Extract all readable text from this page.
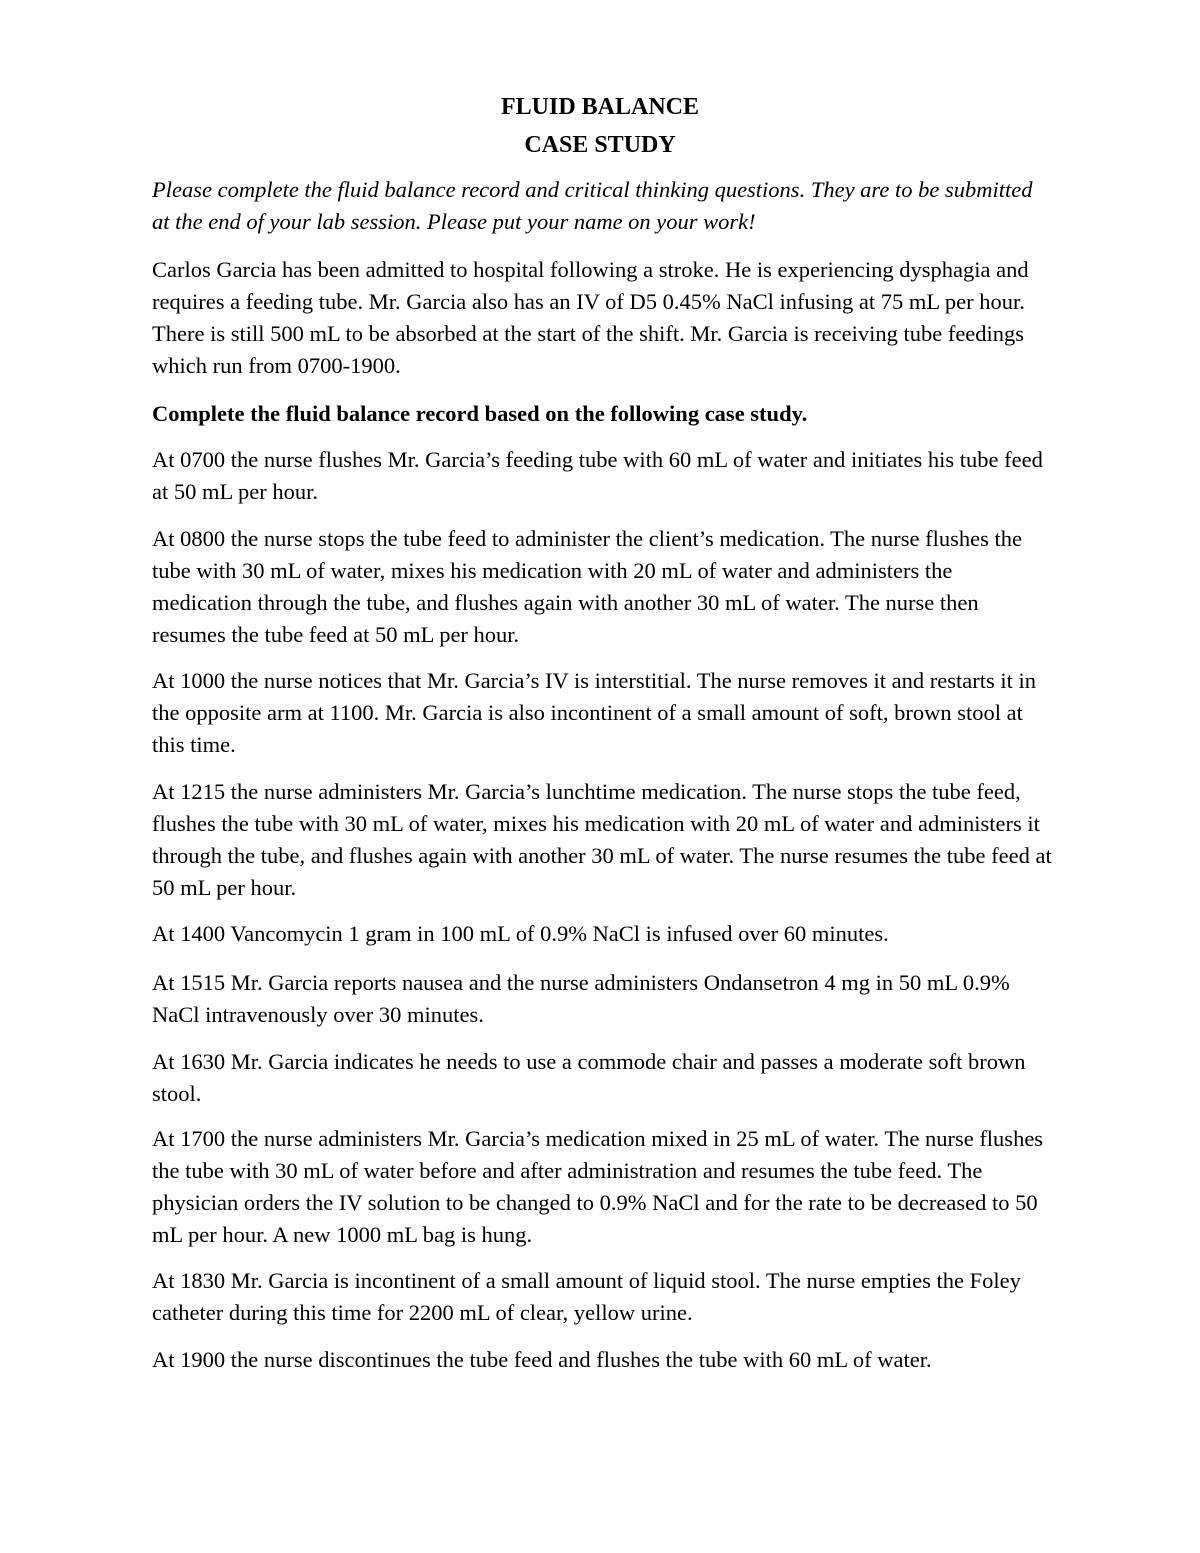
FLUID BALANCE
CASE STUDY

Please complete the fluid balance record and critical thinking questions. They are to be submitted at the end of your lab session. Please put your name on your work!

Carlos Garcia has been admitted to hospital following a stroke. He is experiencing dysphagia and requires a feeding tube. Mr. Garcia also has an IV of D5 0.45% NaCl infusing at 75 mL per hour. There is still 500 mL to be absorbed at the start of the shift. Mr. Garcia is receiving tube feedings which run from 0700-1900.

Complete the fluid balance record based on the following case study.

At 0700 the nurse flushes Mr. Garcia’s feeding tube with 60 mL of water and initiates his tube feed at 50 mL per hour.

At 0800 the nurse stops the tube feed to administer the client’s medication. The nurse flushes the tube with 30 mL of water, mixes his medication with 20 mL of water and administers the medication through the tube, and flushes again with another 30 mL of water. The nurse then resumes the tube feed at 50 mL per hour.

At 1000 the nurse notices that Mr. Garcia’s IV is interstitial. The nurse removes it and restarts it in the opposite arm at 1100. Mr. Garcia is also incontinent of a small amount of soft, brown stool at this time.

At 1215 the nurse administers Mr. Garcia’s lunchtime medication. The nurse stops the tube feed, flushes the tube with 30 mL of water, mixes his medication with 20 mL of water and administers it through the tube, and flushes again with another 30 mL of water. The nurse resumes the tube feed at 50 mL per hour.

At 1400 Vancomycin 1 gram in 100 mL of 0.9% NaCl is infused over 60 minutes.

At 1515 Mr. Garcia reports nausea and the nurse administers Ondansetron 4 mg in 50 mL 0.9% NaCl intravenously over 30 minutes.

At 1630 Mr. Garcia indicates he needs to use a commode chair and passes a moderate soft brown stool.

At 1700 the nurse administers Mr. Garcia’s medication mixed in 25 mL of water. The nurse flushes the tube with 30 mL of water before and after administration and resumes the tube feed. The physician orders the IV solution to be changed to 0.9% NaCl and for the rate to be decreased to 50 mL per hour. A new 1000 mL bag is hung.

At 1830 Mr. Garcia is incontinent of a small amount of liquid stool. The nurse empties the Foley catheter during this time for 2200 mL of clear, yellow urine.

At 1900 the nurse discontinues the tube feed and flushes the tube with 60 mL of water.
